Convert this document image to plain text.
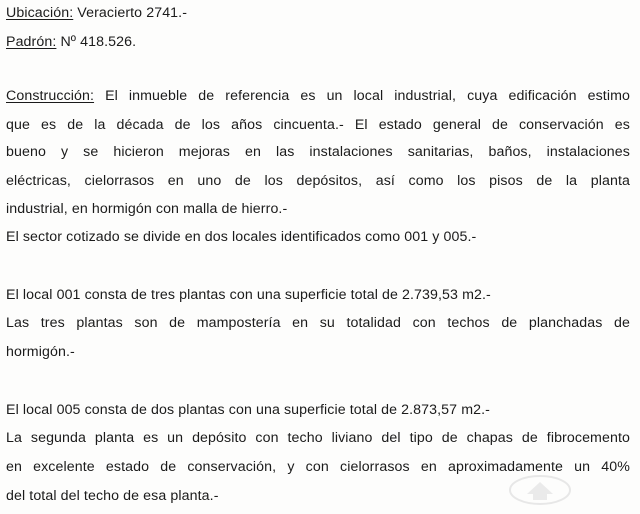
Ubicación: Veracierto 2741.-
Padrón: Nº 418.526.
Construcción: El inmueble de referencia es un local industrial, cuya edificación estimo
que es de la década de los años cincuenta.- El estado general de conservación es
bueno y se hicieron mejoras en las instalaciones sanitarias, baños, instalaciones
eléctricas, cielorrasos en uno de los depósitos, así como los pisos de la planta
industrial, en hormigón con malla de hierro.-
El sector cotizado se divide en dos locales identificados como 001 y 005.-
El local 001 consta de tres plantas con una superficie total de 2.739,53 m2.-
Las tres plantas son de mampostería en su totalidad con techos de planchadas de
hormigón.-
El local 005 consta de dos plantas con una superficie total de 2.873,57 m2.-
La segunda planta es un depósito con techo liviano del tipo de chapas de fibrocemento
en excelente estado de conservación, y con cielorrasos en aproximadamente un 40%
del total del techo de esa planta.-
